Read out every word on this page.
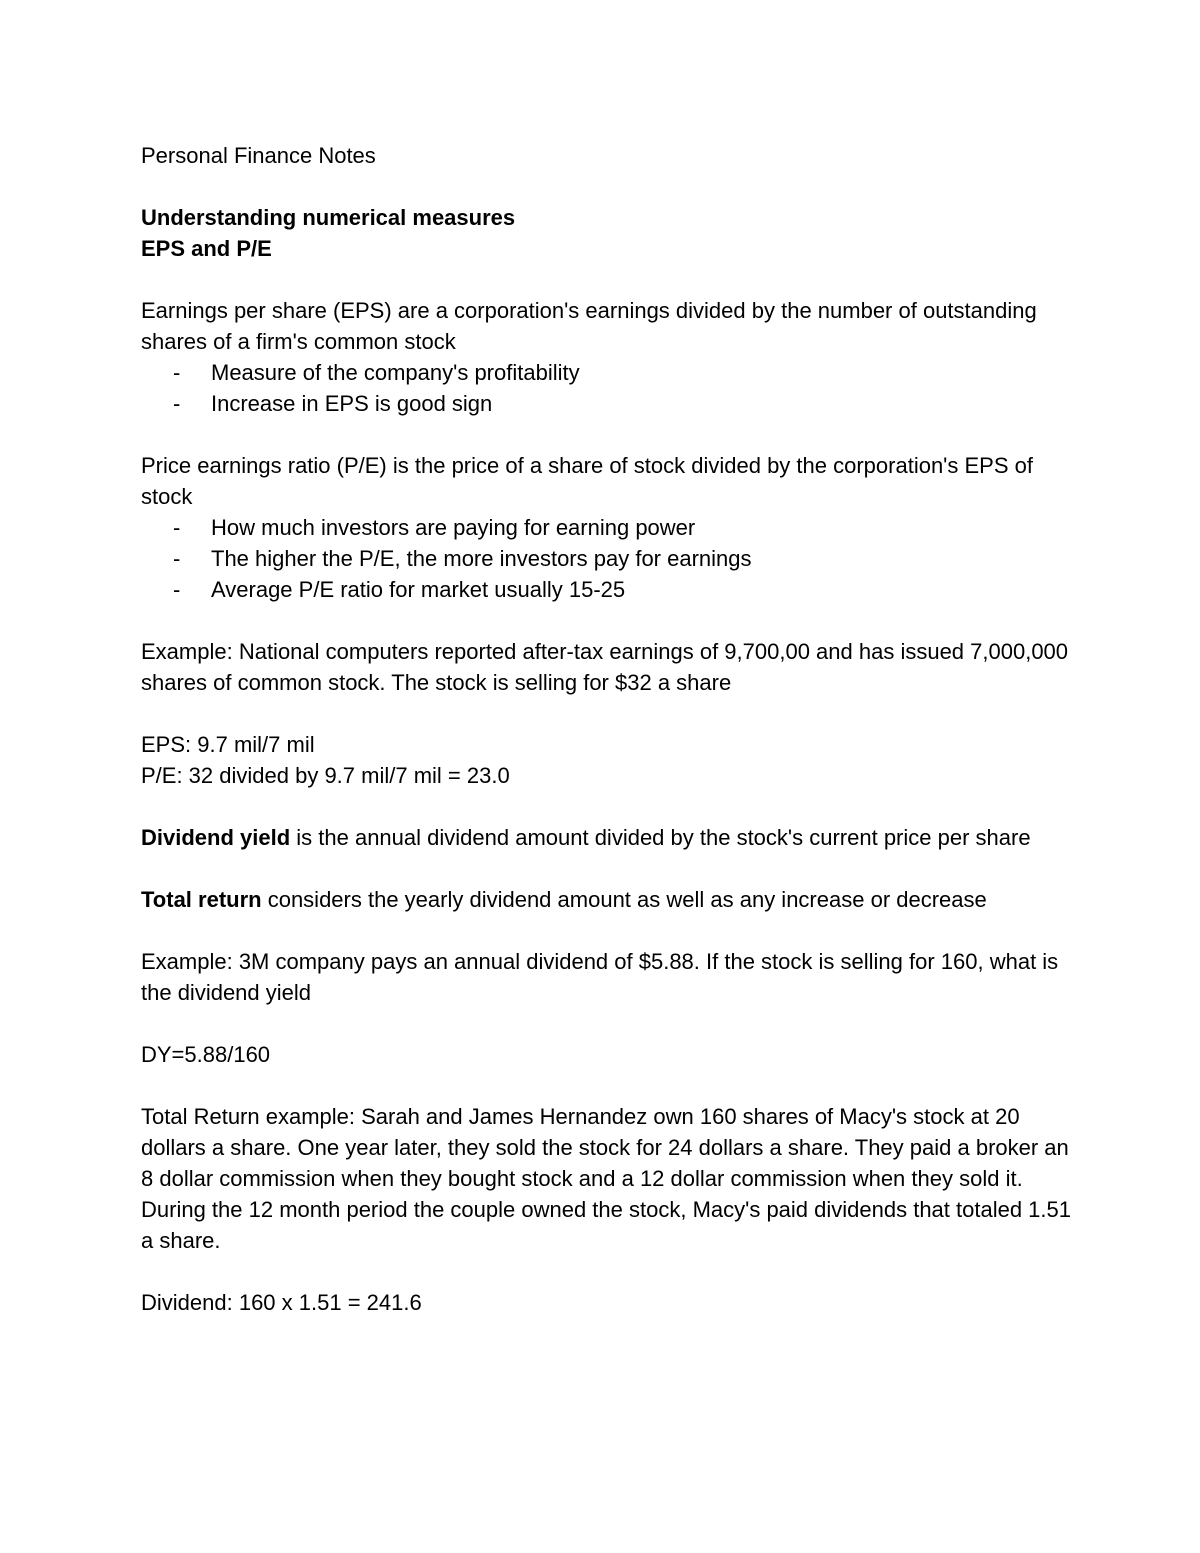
Personal Finance Notes

Understanding numerical measures

EPS and P/E

Earnings per share (EPS) are a corporation's earnings divided by the number of outstanding shares of a firm's common stock

- Measure of the company's profitability
- Increase in EPS is good sign

Price earnings ratio (P/E) is the price of a share of stock divided by the corporation's EPS of stock

- How much investors are paying for earning power
- The higher the P/E, the more investors pay for earnings
- Average P/E ratio for market usually 15-25

Example: National computers reported after-tax earnings of 9,700,00 and has issued 7,000,000 shares of common stock. The stock is selling for $32 a share

EPS: 9.7 mil/7 mil

P/E: 32 divided by 9.7 mil/7 mil = 23.0

Dividend yield is the annual dividend amount divided by the stock's current price per share

Total return considers the yearly dividend amount as well as any increase or decrease

Example: 3M company pays an annual dividend of $5.88. If the stock is selling for 160, what is the dividend yield

DY=5.88/160

Total Return example: Sarah and James Hernandez own 160 shares of Macy's stock at 20 dollars a share. One year later, they sold the stock for 24 dollars a share. They paid a broker an 8 dollar commission when they bought stock and a 12 dollar commission when they sold it. During the 12 month period the couple owned the stock, Macy's paid dividends that totaled 1.51 a share.

Dividend: 160 x 1.51 = 241.6
